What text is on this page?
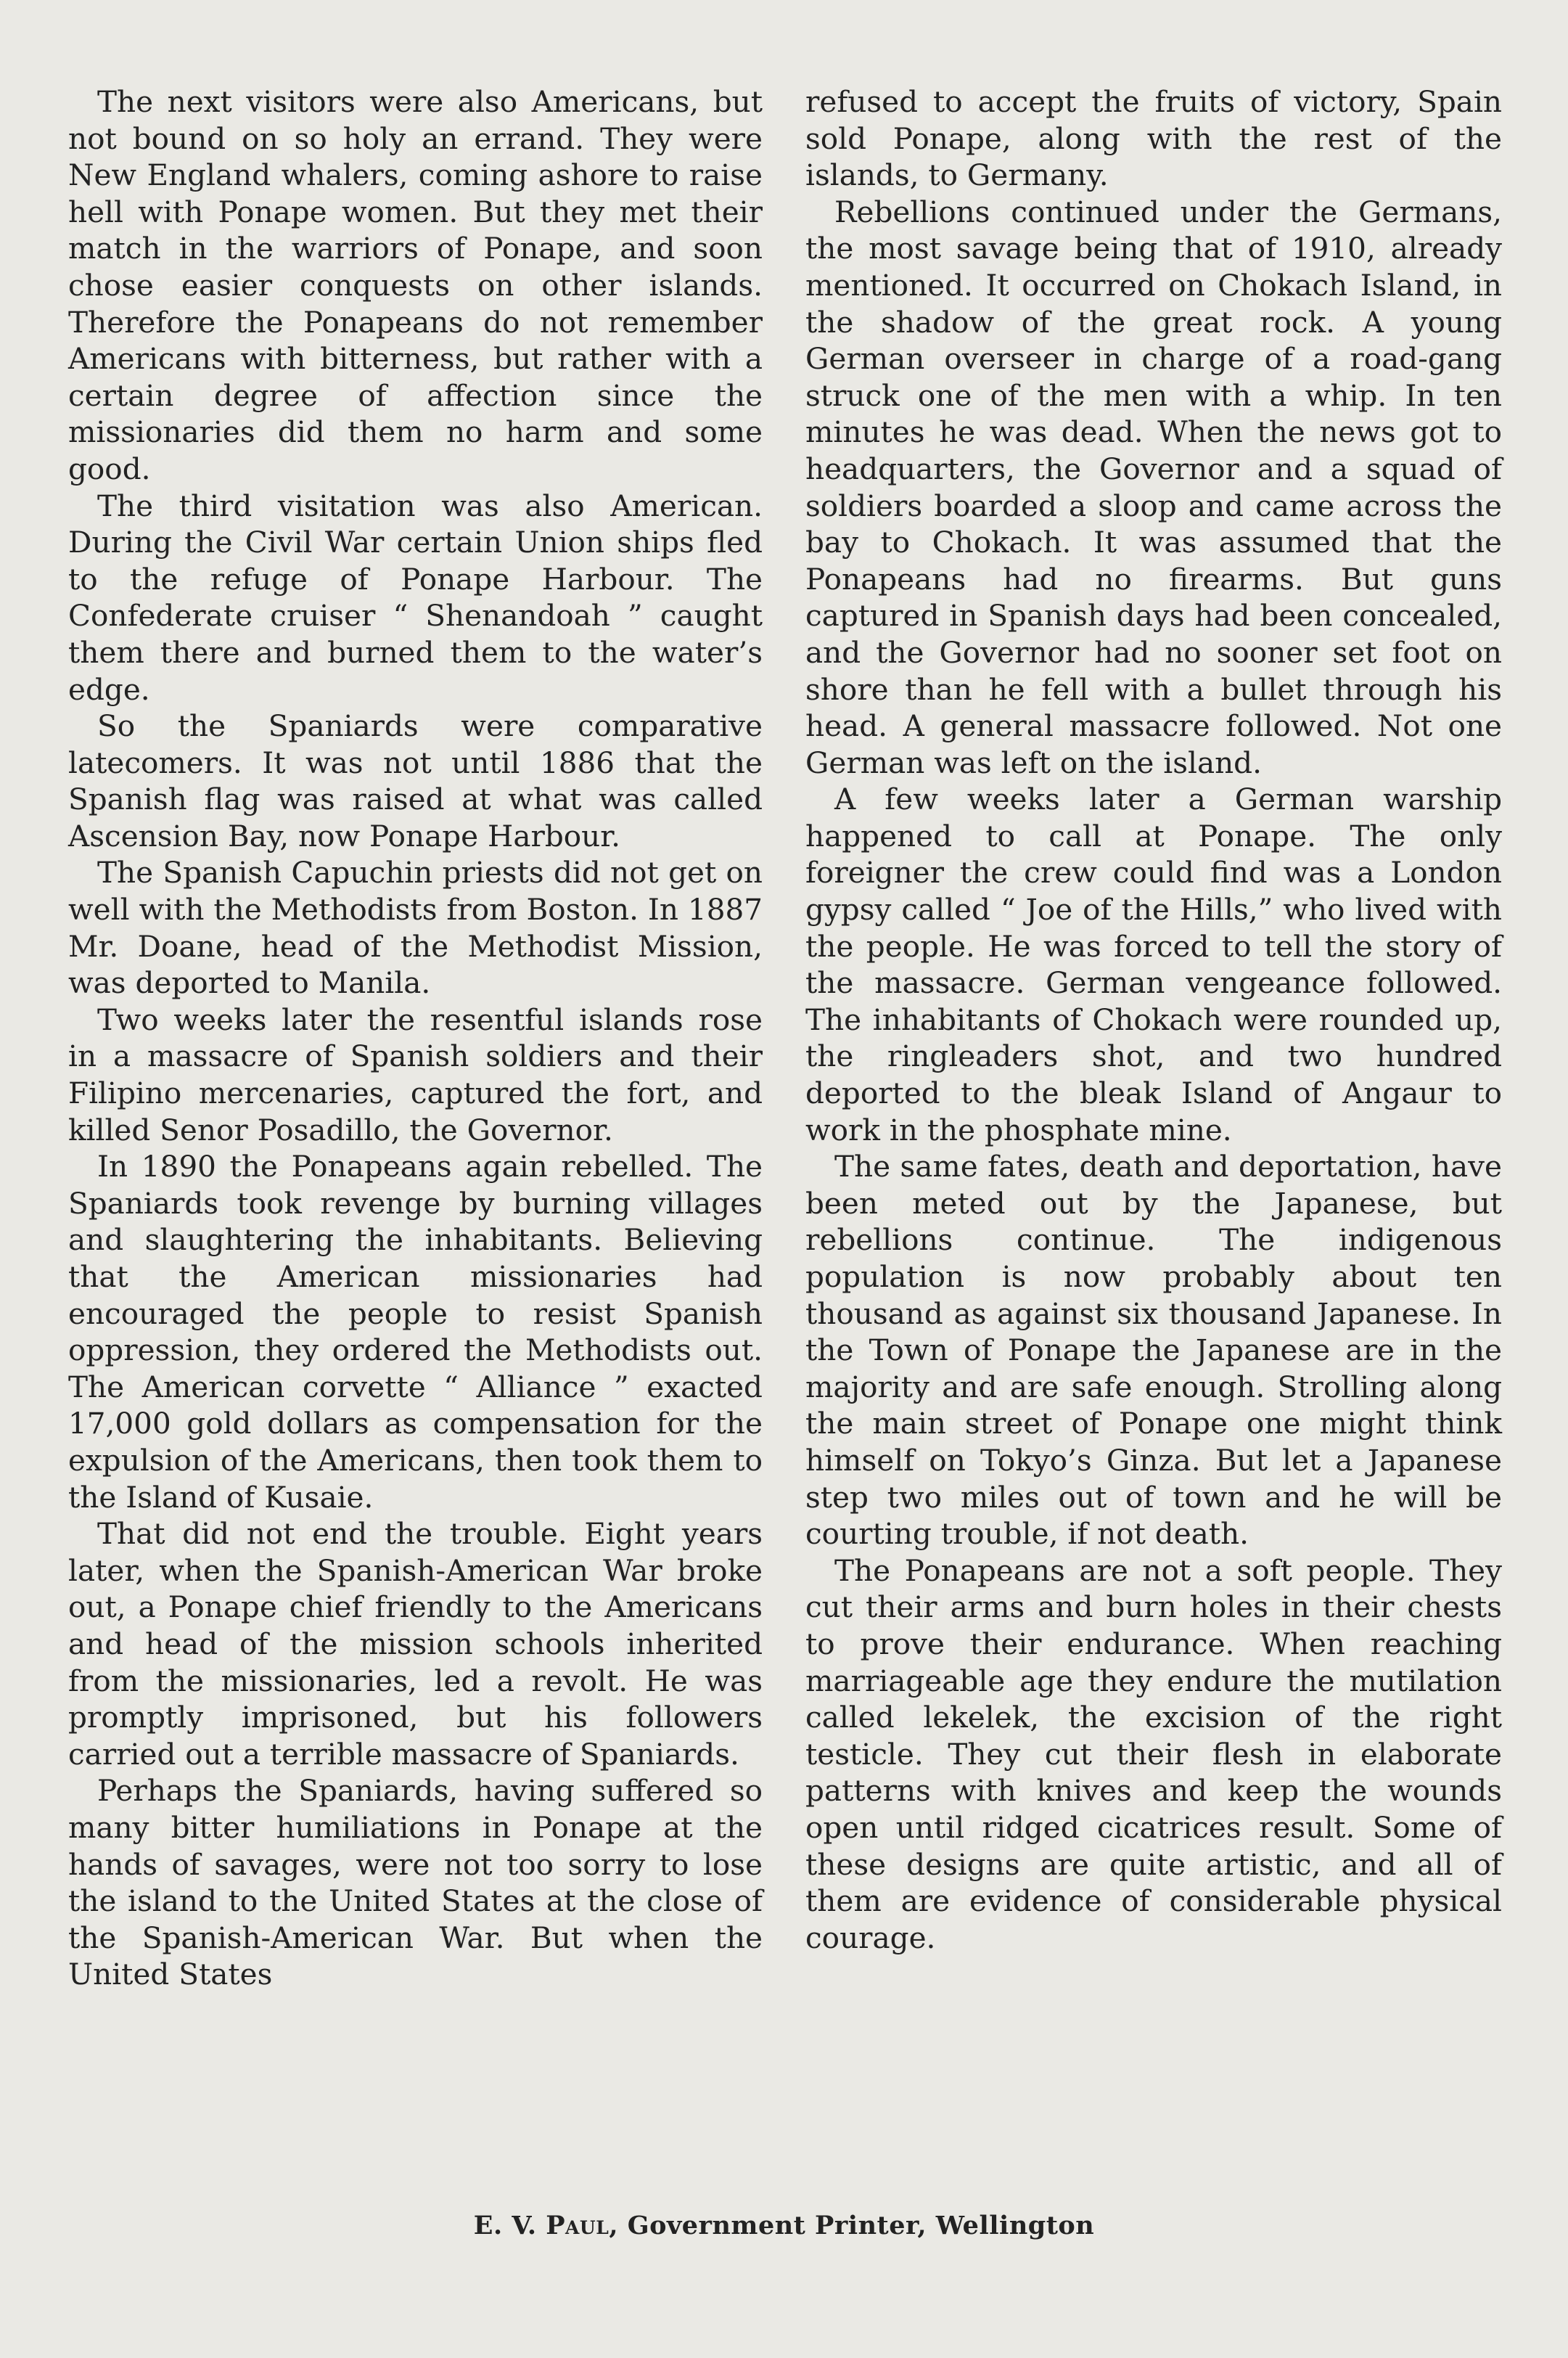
The next visitors were also Americans, but not bound on so holy an errand. They were New England whalers, coming ashore to raise hell with Ponape women. But they met their match in the warriors of Ponape, and soon chose easier conquests on other islands. Therefore the Ponapeans do not remember Americans with bitterness, but rather with a certain degree of affection since the missionaries did them no harm and some good.

The third visitation was also American. During the Civil War certain Union ships fled to the refuge of Ponape Harbour. The Confederate cruiser “ Shenandoah ” caught them there and burned them to the water’s edge.

So the Spaniards were comparative latecomers. It was not until 1886 that the Spanish flag was raised at what was called Ascension Bay, now Ponape Harbour.

The Spanish Capuchin priests did not get on well with the Methodists from Boston. In 1887 Mr. Doane, head of the Methodist Mission, was deported to Manila.

Two weeks later the resentful islands rose in a massacre of Spanish soldiers and their Filipino mercenaries, captured the fort, and killed Senor Posadillo, the Governor.

In 1890 the Ponapeans again rebelled. The Spaniards took revenge by burning villages and slaughtering the inhabitants. Believing that the American missionaries had encouraged the people to resist Spanish oppression, they ordered the Methodists out. The American corvette “ Alliance ” exacted 17,000 gold dollars as compensation for the expulsion of the Americans, then took them to the Island of Kusaie.

That did not end the trouble. Eight years later, when the Spanish-American War broke out, a Ponape chief friendly to the Americans and head of the mission schools inherited from the missionaries, led a revolt. He was promptly imprisoned, but his followers carried out a terrible massacre of Spaniards.

Perhaps the Spaniards, having suffered so many bitter humiliations in Ponape at the hands of savages, were not too sorry to lose the island to the United States at the close of the Spanish-American War. But when the United States

refused to accept the fruits of victory, Spain sold Ponape, along with the rest of the islands, to Germany.

Rebellions continued under the Germans, the most savage being that of 1910, already mentioned. It occurred on Chokach Island, in the shadow of the great rock. A young German overseer in charge of a road-gang struck one of the men with a whip. In ten minutes he was dead. When the news got to headquarters, the Governor and a squad of soldiers boarded a sloop and came across the bay to Chokach. It was assumed that the Ponapeans had no firearms. But guns captured in Spanish days had been concealed, and the Governor had no sooner set foot on shore than he fell with a bullet through his head. A general massacre followed. Not one German was left on the island.

A few weeks later a German warship happened to call at Ponape. The only foreigner the crew could find was a London gypsy called “ Joe of the Hills,” who lived with the people. He was forced to tell the story of the massacre. German vengeance followed. The inhabitants of Chokach were rounded up, the ringleaders shot, and two hundred deported to the bleak Island of Angaur to work in the phosphate mine.

The same fates, death and deportation, have been meted out by the Japanese, but rebellions continue. The indigenous population is now probably about ten thousand as against six thousand Japanese. In the Town of Ponape the Japanese are in the majority and are safe enough. Strolling along the main street of Ponape one might think himself on Tokyo’s Ginza. But let a Japanese step two miles out of town and he will be courting trouble, if not death.

The Ponapeans are not a soft people. They cut their arms and burn holes in their chests to prove their endurance. When reaching marriageable age they endure the mutilation called lekelek, the excision of the right testicle. They cut their flesh in elaborate patterns with knives and keep the wounds open until ridged cicatrices result. Some of these designs are quite artistic, and all of them are evidence of considerable physical courage.

E. V. Paul, Government Printer, Wellington
